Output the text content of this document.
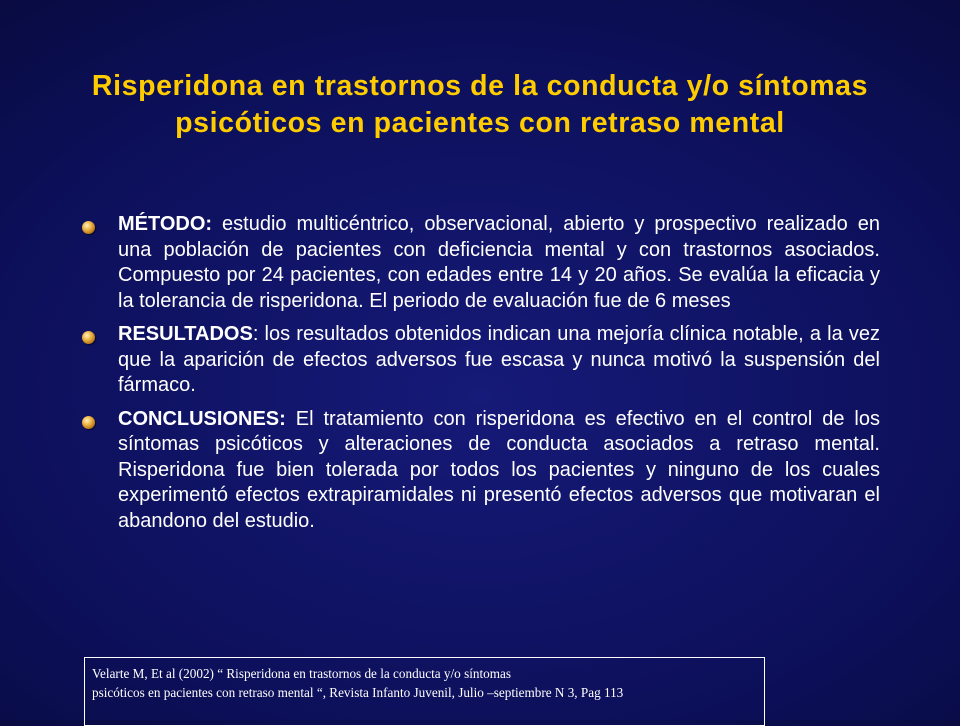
Risperidona en trastornos de la conducta y/o síntomas psicóticos en pacientes con retraso mental
MÉTODO: estudio multicéntrico, observacional, abierto y prospectivo realizado en una población de pacientes con deficiencia mental y con trastornos asociados. Compuesto por 24 pacientes, con edades entre 14 y 20 años. Se evalúa la eficacia y la tolerancia de risperidona. El periodo de evaluación fue de 6 meses
RESULTADOS: los resultados obtenidos indican una mejoría clínica notable, a la vez que la aparición de efectos adversos fue escasa y nunca motivó la suspensión del fármaco.
CONCLUSIONES: El tratamiento con risperidona es efectivo en el control de los síntomas psicóticos y alteraciones de conducta asociados a retraso mental. Risperidona fue bien tolerada por todos los pacientes y ninguno de los cuales experimentó efectos extrapiramidales ni presentó efectos adversos que motivaran el abandono del estudio.
Velarte M, Et al (2002) “ Risperidona en trastornos de la conducta y/o síntomas
psicóticos en pacientes con retraso mental “, Revista Infanto Juvenil, Julio –septiembre N 3, Pag 113
